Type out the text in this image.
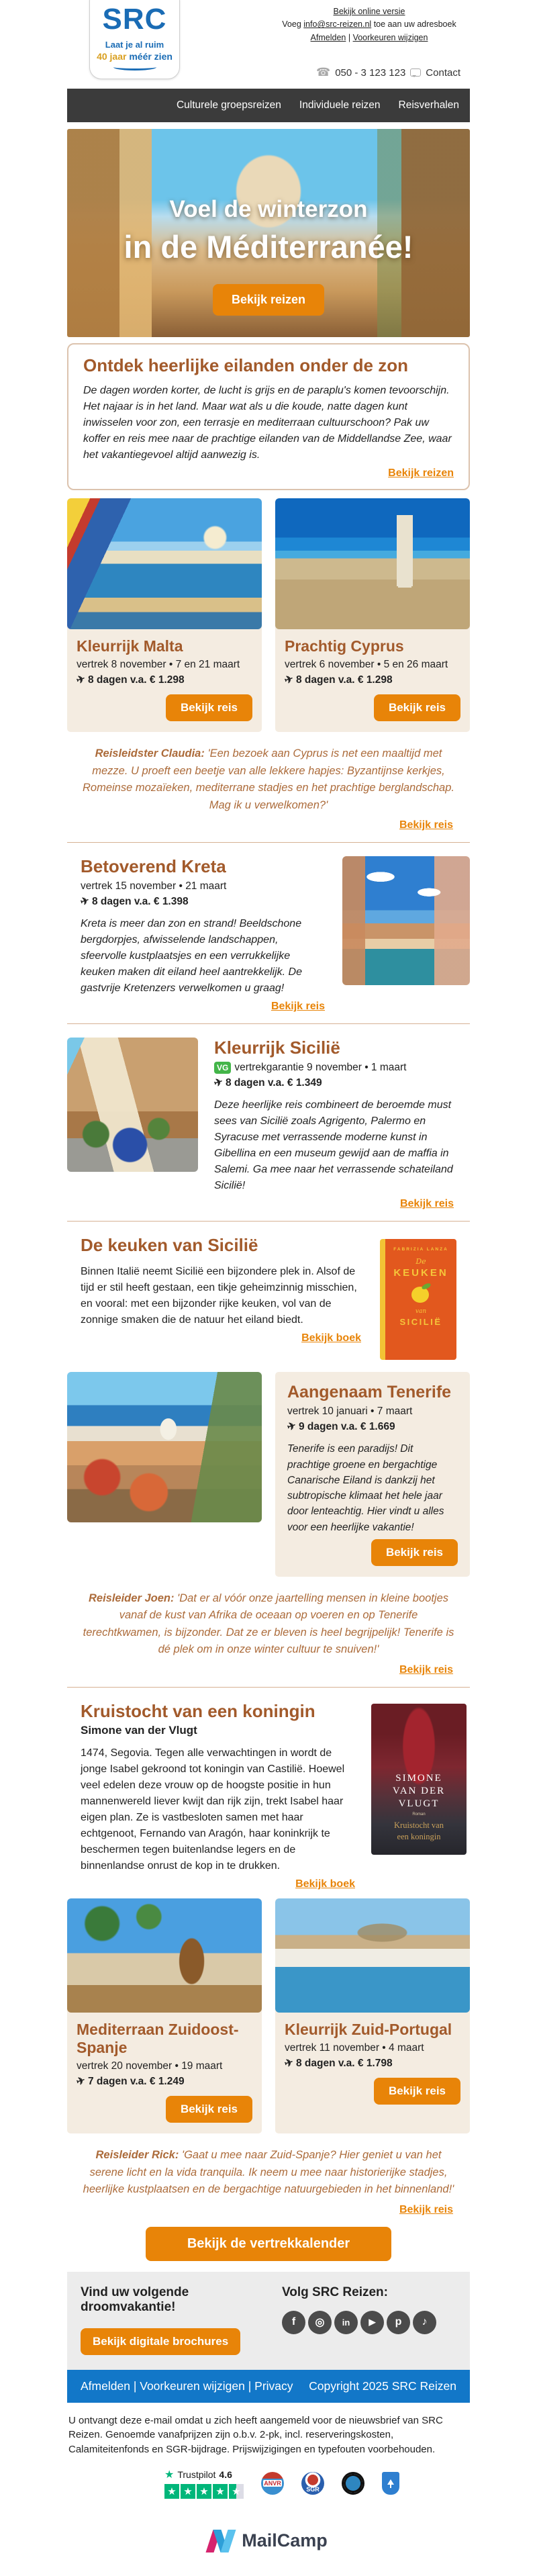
SRC
Laat je al ruim
40 jaar méér zien
Bekijk online versie
Voeg info@src-reizen.nl toe aan uw adresboek
Afmelden | Voorkeuren wijzigen
☎ 050 - 3 123 123 Contact
Culturele groepsreizen Individuele reizen Reisverhalen
Voel de winterzon
in de Méditerranée!
Bekijk reizen
Ontdek heerlijke eilanden onder de zon

De dagen worden korter, de lucht is grijs en de paraplu's komen tevoorschijn. Het najaar is in het land. Maar wat als u die koude, natte dagen kunt inwisselen voor zon, een terrasje en mediterraan cultuurschoon? Pak uw koffer en reis mee naar de prachtige eilanden van de Middellandse Zee, waar het vakantiegevoel altijd aanwezig is.

Bekijk reizen
Kleurrijk Malta
vertrek 8 november • 7 en 21 maart
✈ 8 dagen v.a. € 1.298
Bekijk reis
Prachtig Cyprus
vertrek 6 november • 5 en 26 maart
✈ 8 dagen v.a. € 1.298
Bekijk reis
Reisleidster Claudia: 'Een bezoek aan Cyprus is net een maaltijd met mezze. U proeft een beetje van alle lekkere hapjes: Byzantijnse kerkjes, Romeinse mozaïeken, mediterrane stadjes en het prachtige berglandschap. Mag ik u verwelkomen?'
Bekijk reis
Betoverend Kreta
vertrek 15 november • 21 maart
✈ 8 dagen v.a. € 1.398

Kreta is meer dan zon en strand! Beeldschone bergdorpjes, afwisselende landschappen, sfeervolle kustplaatsjes en een verrukkelijke keuken maken dit eiland heel aantrekkelijk. De gastvrije Kretenzers verwelkomen u graag!

Bekijk reis
Kleurrijk Sicilië
VG vertrekgarantie 9 november • 1 maart
✈ 8 dagen v.a. € 1.349

Deze heerlijke reis combineert de beroemde must sees van Sicilië zoals Agrigento, Palermo en Syracuse met verrassende moderne kunst in Gibellina en een museum gewijd aan de maffia in Salemi. Ga mee naar het verrassende schateiland Sicilië!

Bekijk reis
De keuken van Sicilië

Binnen Italië neemt Sicilië een bijzondere plek in. Alsof de tijd er stil heeft gestaan, een tikje geheimzinnig misschien, en vooral: met een bijzonder rijke keuken, vol van de zonnige smaken die de natuur het eiland biedt.

Bekijk boek
FABRIZIA LANZA
De
KEUKEN
van
SICILIË
Aangenaam Tenerife
vertrek 10 januari • 7 maart
✈ 9 dagen v.a. € 1.669

Tenerife is een paradijs! Dit prachtige groene en bergachtige Canarische Eiland is dankzij het subtropische klimaat het hele jaar door lenteachtig. Hier vindt u alles voor een heerlijke vakantie!

Bekijk reis
Reisleider Joen: 'Dat er al vóór onze jaartelling mensen in kleine bootjes vanaf de kust van Afrika de oceaan op voeren en op Tenerife terechtkwamen, is bijzonder. Dat ze er bleven is heel begrijpelijk! Tenerife is dé plek om in onze winter cultuur te snuiven!'
Bekijk reis
Kruistocht van een koningin
Simone van der Vlugt

1474, Segovia. Tegen alle verwachtingen in wordt de jonge Isabel gekroond tot koningin van Castilië. Hoewel veel edelen deze vrouw op de hoogste positie in hun mannenwereld liever kwijt dan rijk zijn, trekt Isabel haar eigen plan. Ze is vastbesloten samen met haar echtgenoot, Fernando van Aragón, haar koninkrijk te beschermen tegen buitenlandse legers en de binnenlandse onrust de kop in te drukken.

Bekijk boek
SIMONE
VAN DER
VLUGT
Roman
Kruistocht van
een koningin
Mediterraan Zuidoost-Spanje
vertrek 20 november • 19 maart
✈ 7 dagen v.a. € 1.249
Bekijk reis
Kleurrijk Zuid-Portugal
vertrek 11 november • 4 maart
✈ 8 dagen v.a. € 1.798
Bekijk reis
Reisleider Rick: 'Gaat u mee naar Zuid-Spanje? Hier geniet u van het serene licht en la vida tranquila. Ik neem u mee naar historierijke stadjes, heerlijke kustplaatsen en de bergachtige natuurgebieden in het binnenland!'
Bekijk reis
Bekijk de vertrekkalender
Vind uw volgende droomvakantie!
Bekijk digitale brochures
Volg SRC Reizen:
f	◎	in	▶	p	♪
Afmelden | Voorkeuren wijzigen | Privacy Copyright 2025 SRC Reizen

U ontvangt deze e-mail omdat u zich heeft aangemeld voor de nieuwsbrief van SRC Reizen. Genoemde vanafprijzen zijn o.b.v. 2-pk, incl. reserveringskosten, Calamiteitenfonds en SGR-bijdrage. Prijswijzigingen en typefouten voorbehouden.

★ Trustpilot 4.6
★ ★ ★ ★ ★
ANVR
SGR
MailCamp
